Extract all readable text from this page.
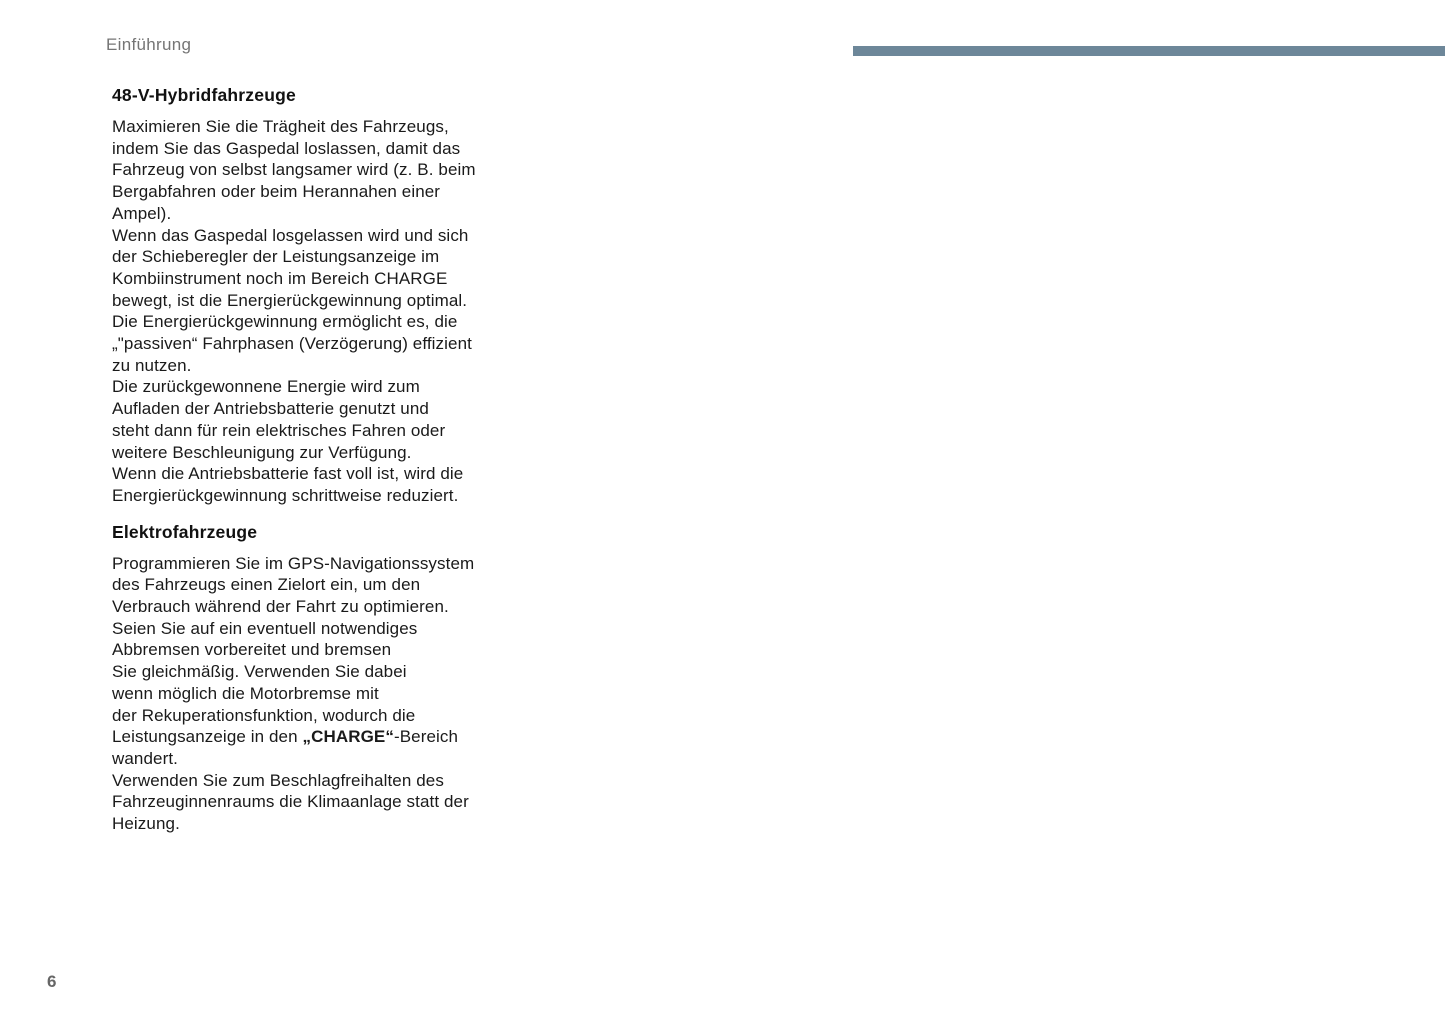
Einführung
48-V-Hybridfahrzeuge
Maximieren Sie die Trägheit des Fahrzeugs,
indem Sie das Gaspedal loslassen, damit das
Fahrzeug von selbst langsamer wird (z. B. beim
Bergabfahren oder beim Herannahen einer
Ampel).
Wenn das Gaspedal losgelassen wird und sich
der Schieberegler der Leistungsanzeige im
Kombiinstrument noch im Bereich CHARGE
bewegt, ist die Energierückgewinnung optimal.
Die Energierückgewinnung ermöglicht es, die
„"passiven“ Fahrphasen (Verzögerung) effizient
zu nutzen.
Die zurückgewonnene Energie wird zum
Aufladen der Antriebsbatterie genutzt und
steht dann für rein elektrisches Fahren oder
weitere Beschleunigung zur Verfügung.
Wenn die Antriebsbatterie fast voll ist, wird die
Energierückgewinnung schrittweise reduziert.
Elektrofahrzeuge
Programmieren Sie im GPS-Navigationssystem
des Fahrzeugs einen Zielort ein, um den
Verbrauch während der Fahrt zu optimieren.
Seien Sie auf ein eventuell notwendiges
Abbremsen vorbereitet und bremsen
Sie gleichmäßig. Verwenden Sie dabei
wenn möglich die Motorbremse mit
der Rekuperationsfunktion, wodurch die
Leistungsanzeige in den „CHARGE“-Bereich
wandert.
Verwenden Sie zum Beschlagfreihalten des
Fahrzeuginnenraums die Klimaanlage statt der
Heizung.
6
